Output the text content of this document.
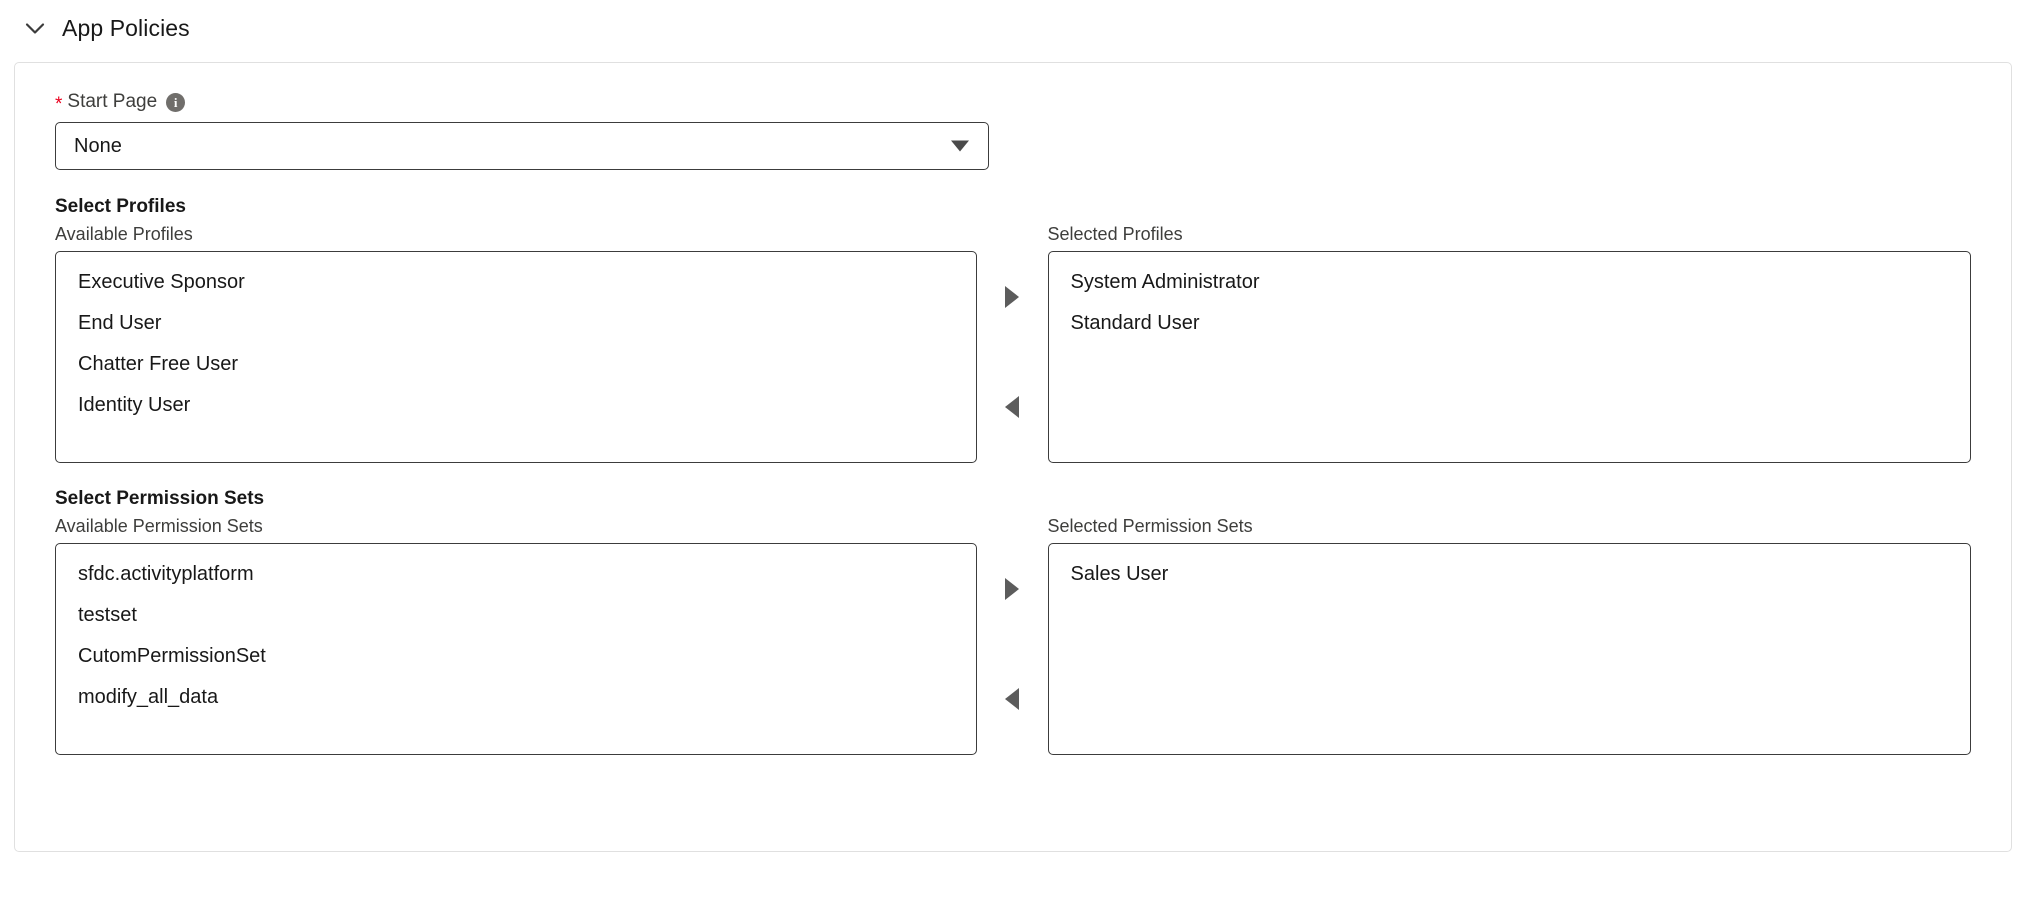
App Policies
* Start Page	i
None
Select Profiles
Available Profiles
Executive Sponsor
End User
Chatter Free User
Identity User
Selected Profiles
System Administrator
Standard User
Select Permission Sets
Available Permission Sets
sfdc.activityplatform
testset
CutomPermissionSet
modify_all_data
Selected Permission Sets
Sales User
